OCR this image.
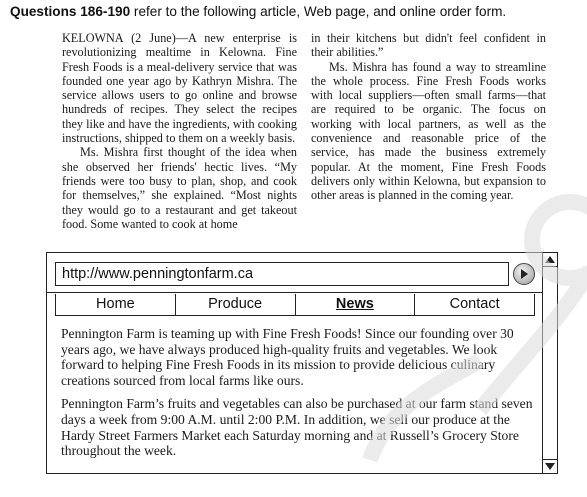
Questions 186-190 refer to the following article, Web page, and online order form.

KELOWNA (2 June)—A new enterprise is revolutionizing mealtime in Kelowna. Fine Fresh Foods is a meal-delivery service that was founded one year ago by Kathryn Mishra. The service allows users to go online and browse hundreds of recipes. They select the recipes they like and have the ingredients, with cooking instructions, shipped to them on a weekly basis.

Ms. Mishra first thought of the idea when she observed her friends' hectic lives. “My friends were too busy to plan, shop, and cook for themselves,” she explained. “Most nights they would go to a restaurant and get takeout food. Some wanted to cook at home

in their kitchens but didn't feel confident in their abilities.”

Ms. Mishra has found a way to streamline the whole process. Fine Fresh Foods works with local suppliers—often small farms—that are required to be organic. The focus on working with local partners, as well as the convenience and reasonable price of the service, has made the business extremely popular. At the moment, Fine Fresh Foods delivers only within Kelowna, but expansion to other areas is planned in the coming year.

http://www.penningtonfarm.ca
Home	Produce	News	Contact

Pennington Farm is teaming up with Fine Fresh Foods! Since our founding over 30 years ago, we have always produced high-quality fruits and vegetables. We look forward to helping Fine Fresh Foods in its mission to provide delicious culinary creations sourced from local farms like ours.

Pennington Farm’s fruits and vegetables can also be purchased at our farm stand seven days a week from 9:00 A.M. until 2:00 P.M. In addition, we sell our produce at the Hardy Street Farmers Market each Saturday morning and at Russell’s Grocery Store throughout the week.
